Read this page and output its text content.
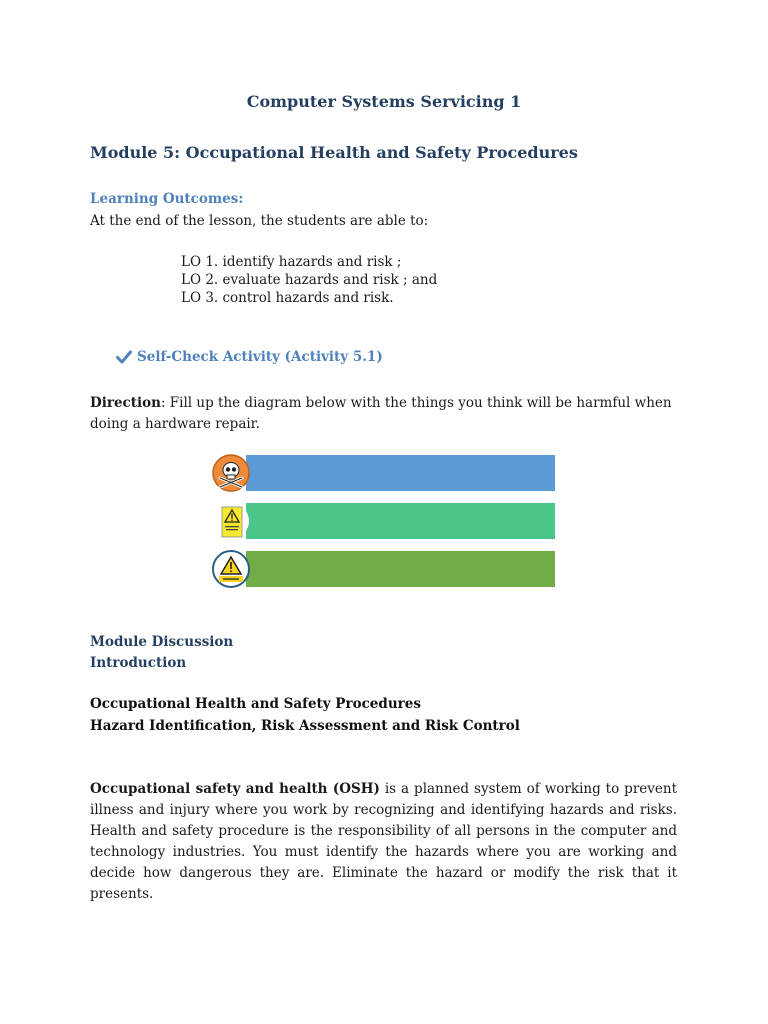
Computer Systems Servicing 1
Module 5: Occupational Health and Safety Procedures
Learning Outcomes:
At the end of the lesson, the students are able to:
LO 1. identify hazards and risk ;
LO 2. evaluate hazards and risk ; and
LO 3. control hazards and risk.
Self-Check Activity (Activity 5.1)
Direction: Fill up the diagram below with the things you think will be harmful when doing a hardware repair.
Module Discussion
Introduction
Occupational Health and Safety Procedures
Hazard Identification, Risk Assessment and Risk Control
Occupational safety and health (OSH) is a planned system of working to prevent illness and injury where you work by recognizing and identifying hazards and risks. Health and safety procedure is the responsibility of all persons in the computer and technology industries. You must identify the hazards where you are working and decide how dangerous they are. Eliminate the hazard or modify the risk that it presents.
